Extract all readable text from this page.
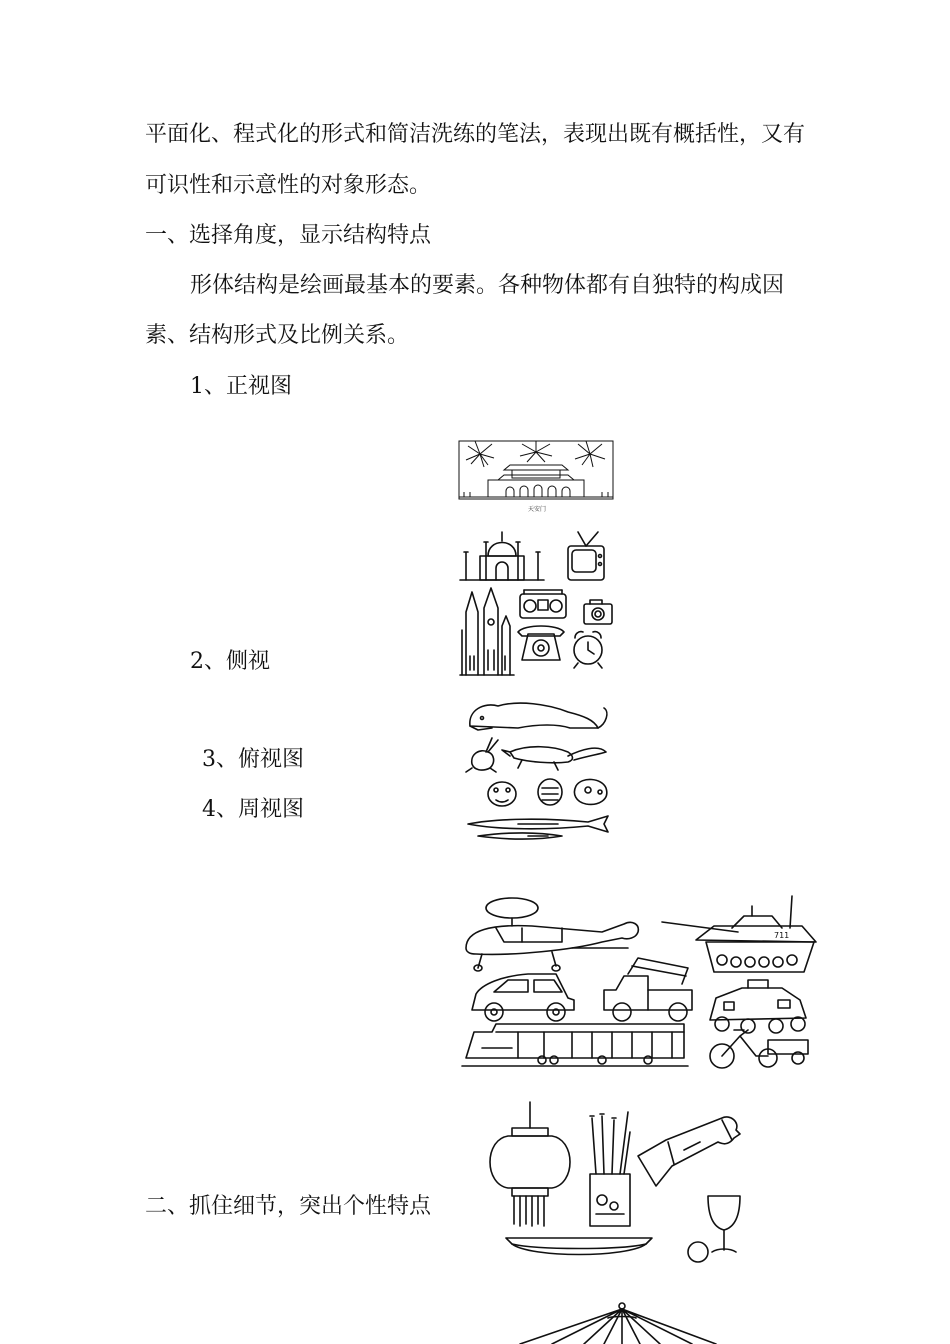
平面化、程式化的形式和简洁洗练的笔法，表现出既有概括性，又有
可识性和示意性的对象形态。
一、选择角度，显示结构特点
形体结构是绘画最基本的要素。各种物体都有自独特的构成因
素、结构形式及比例关系。
1、正视图
2、侧视
3、俯视图
4、周视图
二、抓住细节，突出个性特点
天安门
711
